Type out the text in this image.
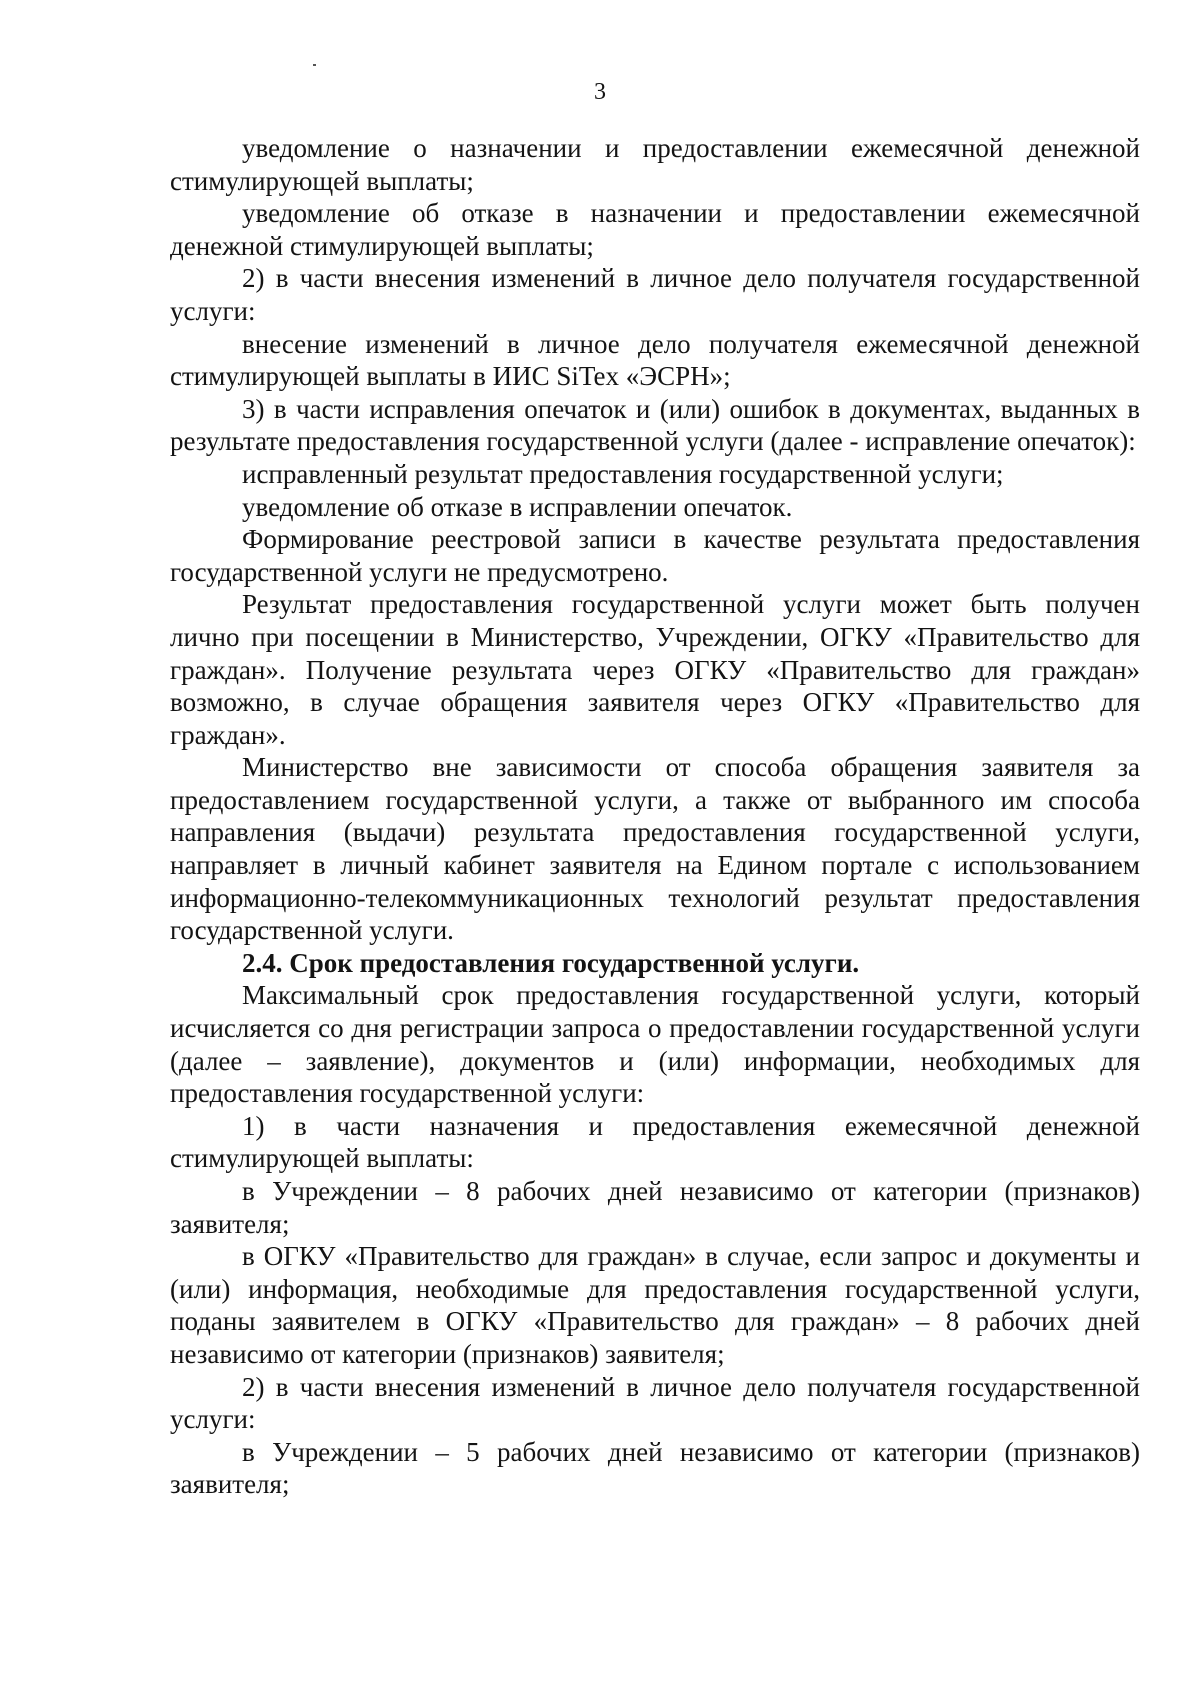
3

уведомление о назначении и предоставлении ежемесячной денежной стимулирующей выплаты;

уведомление об отказе в назначении и предоставлении ежемесячной денежной стимулирующей выплаты;

2) в части внесения изменений в личное дело получателя государственной услуги:

внесение изменений в личное дело получателя ежемесячной денежной стимулирующей выплаты в ИИС SiTex «ЭСРН»;

3) в части исправления опечаток и (или) ошибок в документах, выданных в результате предоставления государственной услуги (далее - исправление опечаток):

исправленный результат предоставления государственной услуги;

уведомление об отказе в исправлении опечаток.

Формирование реестровой записи в качестве результата предоставления государственной услуги не предусмотрено.

Результат предоставления государственной услуги может быть получен лично при посещении в Министерство, Учреждении, ОГКУ «Правительство для граждан». Получение результата через ОГКУ «Правительство для граждан» возможно, в случае обращения заявителя через ОГКУ «Правительство для граждан».

Министерство вне зависимости от способа обращения заявителя за предоставлением государственной услуги, а также от выбранного им способа направления (выдачи) результата предоставления государственной услуги, направляет в личный кабинет заявителя на Едином портале с использованием информационно-телекоммуникационных технологий результат предоставления государственной услуги.

2.4. Срок предоставления государственной услуги.

Максимальный срок предоставления государственной услуги, который исчисляется со дня регистрации запроса о предоставлении государственной услуги (далее – заявление), документов и (или) информации, необходимых для предоставления государственной услуги:

1) в части назначения и предоставления ежемесячной денежной стимулирующей выплаты:

в Учреждении – 8 рабочих дней независимо от категории (признаков) заявителя;

в ОГКУ «Правительство для граждан» в случае, если запрос и документы и (или) информация, необходимые для предоставления государственной услуги, поданы заявителем в ОГКУ «Правительство для граждан» – 8 рабочих дней независимо от категории (признаков) заявителя;

2) в части внесения изменений в личное дело получателя государственной услуги:

в Учреждении – 5 рабочих дней независимо от категории (признаков) заявителя;
